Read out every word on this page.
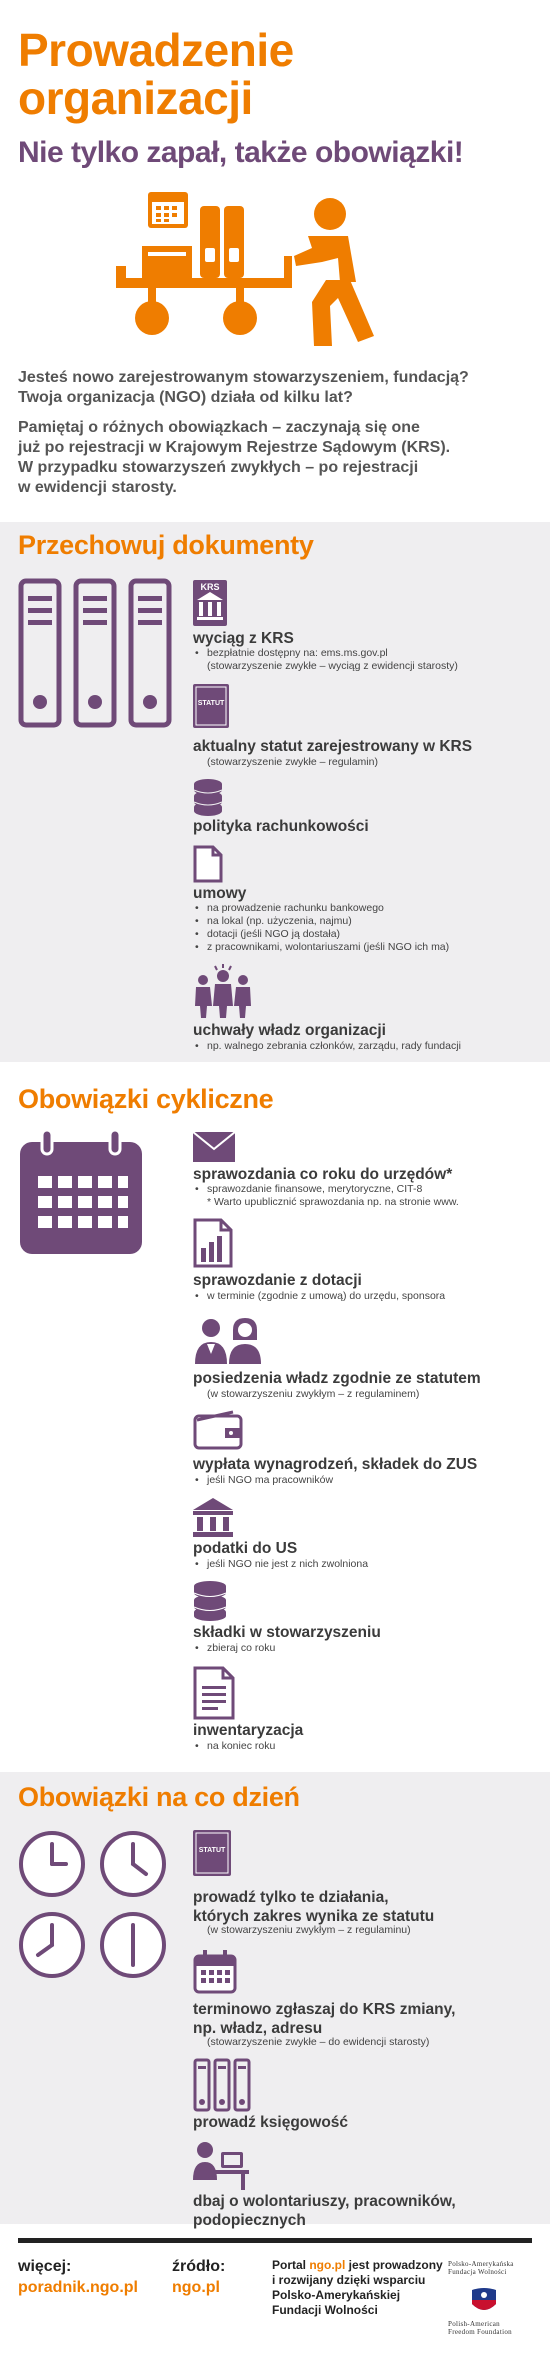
Prowadzenie
organizacji
Nie tylko zapał, także obowiązki!

Jesteś nowo zarejestrowanym stowarzyszeniem, fundacją?
Twoja organizacja (NGO) działa od kilku lat?

Pamiętaj o różnych obowiązkach – zaczynają się one
już po rejestracji w Krajowym Rejestrze Sądowym (KRS).
W przypadku stowarzyszeń zwykłych – po rejestracji
w ewidencji starosty.

Przechowuj dokumenty
KRS

wyciąg z KRS

• bezpłatnie dostępny na: ems.ms.gov.pl

(stowarzyszenie zwykłe – wyciąg z ewidencji starosty)

STATUT

aktualny statut zarejestrowany w KRS

(stowarzyszenie zwykłe – regulamin)

polityka rachunkowości

umowy

• na prowadzenie rachunku bankowego
• na lokal (np. użyczenia, najmu)
• dotacji (jeśli NGO ją dostała)
• z pracownikami, wolontariuszami (jeśli NGO ich ma)

uchwały władz organizacji

• np. walnego zebrania członków, zarządu, rady fundacji
Obowiązki cykliczne

sprawozdania co roku do urzędów*

• sprawozdanie finansowe, merytoryczne, CIT-8

* Warto upublicznić sprawozdania np. na stronie www.

sprawozdanie z dotacji

• w terminie (zgodnie z umową) do urzędu, sponsora

posiedzenia władz zgodnie ze statutem

(w stowarzyszeniu zwykłym – z regulaminem)

wypłata wynagrodzeń, składek do ZUS

• jeśli NGO ma pracowników

podatki do US

• jeśli NGO nie jest z nich zwolniona

składki w stowarzyszeniu

• zbieraj co roku

inwentaryzacja

• na koniec roku
Obowiązki na co dzień
STATUT

prowadź tylko te działania,
których zakres wynika ze statutu

(w stowarzyszeniu zwykłym – z regulaminu)

terminowo zgłaszaj do KRS zmiany,
np. władz, adresu

(stowarzyszenie zwykłe – do ewidencji starosty)

prowadź księgowość

dbaj o wolontariuszy, pracowników,
podopiecznych

więcej:

poradnik.ngo.pl

źródło:

ngo.pl

Portal ngo.pl jest prowadzony i rozwijany dzięki wsparciu Polsko-Amerykańskiej Fundacji Wolności

Polsko-Amerykańska
Fundacja Wolności

Polish-American
Freedom Foundation
